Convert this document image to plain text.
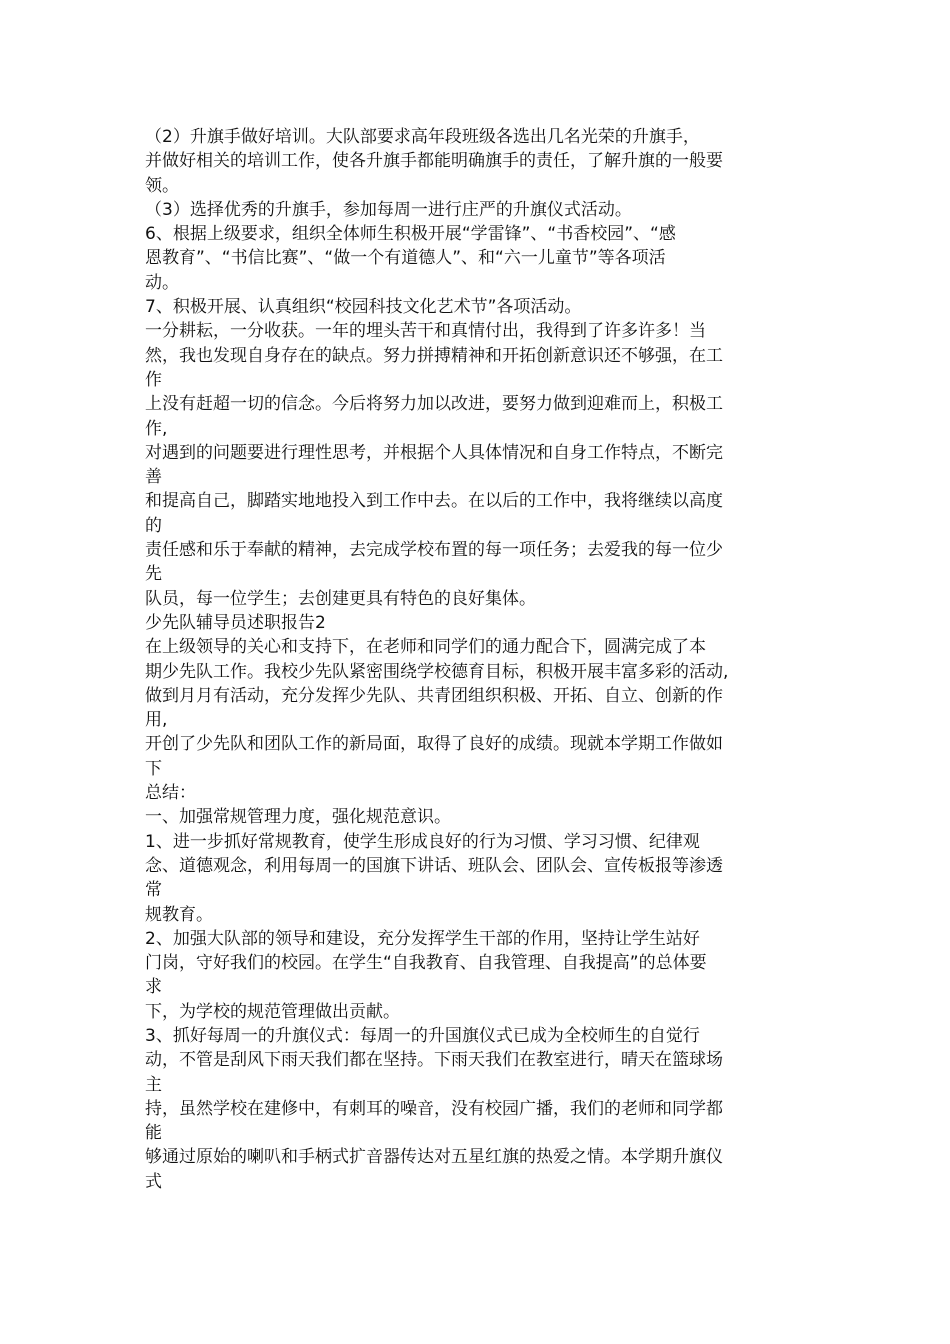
（2）升旗手做好培训。大队部要求高年段班级各选出几名光荣的升旗手，
并做好相关的培训工作，使各升旗手都能明确旗手的责任，了解升旗的一般要
领。
（3）选择优秀的升旗手，参加每周一进行庄严的升旗仪式活动。
6、根据上级要求，组织全体师生积极开展“学雷锋”、“书香校园”、“感
恩教育”、“书信比赛”、“做一个有道德人”、和“六一儿童节”等各项活
动。
7、积极开展、认真组织“校园科技文化艺术节”各项活动。
一分耕耘，一分收获。一年的埋头苦干和真情付出，我得到了许多许多！当
然，我也发现自身存在的缺点。努力拼搏精神和开拓创新意识还不够强，在工
作
上没有赶超一切的信念。今后将努力加以改进，要努力做到迎难而上，积极工
作,
对遇到的问题要进行理性思考，并根据个人具体情况和自身工作特点，不断完
善
和提高自己，脚踏实地地投入到工作中去。在以后的工作中，我将继续以高度
的
责任感和乐于奉献的精神，去完成学校布置的每一项任务；去爱我的每一位少
先
队员，每一位学生；去创建更具有特色的良好集体。
少先队辅导员述职报告2
在上级领导的关心和支持下，在老师和同学们的通力配合下，圆满完成了本
期少先队工作。我校少先队紧密围绕学校德育目标，积极开展丰富多彩的活动,
做到月月有活动，充分发挥少先队、共青团组织积极、开拓、自立、创新的作
用,
开创了少先队和团队工作的新局面，取得了良好的成绩。现就本学期工作做如
下
总结：
一、加强常规管理力度，强化规范意识。
1、进一步抓好常规教育，使学生形成良好的行为习惯、学习习惯、纪律观
念、道德观念，利用每周一的国旗下讲话、班队会、团队会、宣传板报等渗透
常
规教育。
2、加强大队部的领导和建设，充分发挥学生干部的作用，坚持让学生站好
门岗，守好我们的校园。在学生“自我教育、自我管理、自我提高”的总体要
求
下，为学校的规范管理做出贡献。
3、抓好每周一的升旗仪式：每周一的升国旗仪式已成为全校师生的自觉行
动，不管是刮风下雨天我们都在坚持。下雨天我们在教室进行，晴天在篮球场
主
持，虽然学校在建修中，有刺耳的噪音，没有校园广播，我们的老师和同学都
能
够通过原始的喇叭和手柄式扩音器传达对五星红旗的热爱之情。本学期升旗仪
式
